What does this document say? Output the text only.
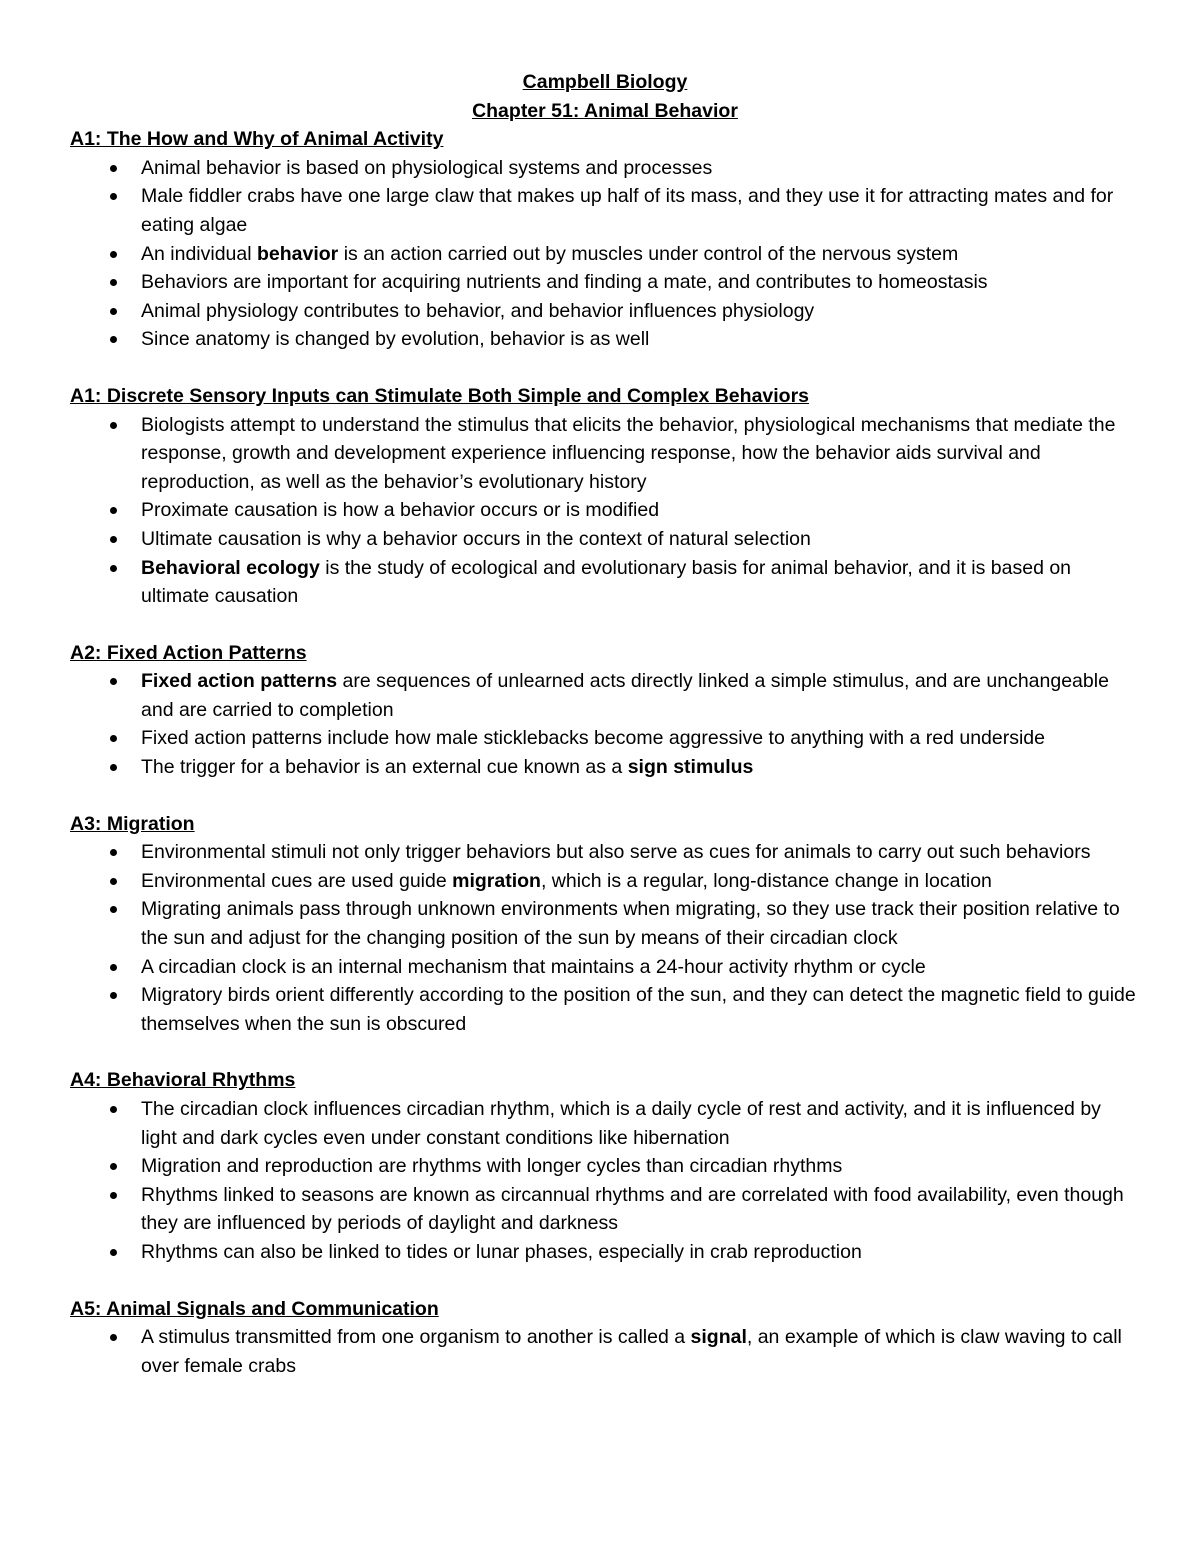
Campbell Biology

Chapter 51: Animal Behavior

A1: The How and Why of Animal Activity

Animal behavior is based on physiological systems and processes
Male fiddler crabs have one large claw that makes up half of its mass, and they use it for attracting mates and for eating algae
An individual behavior is an action carried out by muscles under control of the nervous system
Behaviors are important for acquiring nutrients and finding a mate, and contributes to homeostasis
Animal physiology contributes to behavior, and behavior influences physiology
Since anatomy is changed by evolution, behavior is as well

A1: Discrete Sensory Inputs can Stimulate Both Simple and Complex Behaviors

Biologists attempt to understand the stimulus that elicits the behavior, physiological mechanisms that mediate the response, growth and development experience influencing response, how the behavior aids survival and reproduction, as well as the behavior’s evolutionary history
Proximate causation is how a behavior occurs or is modified
Ultimate causation is why a behavior occurs in the context of natural selection
Behavioral ecology is the study of ecological and evolutionary basis for animal behavior, and it is based on ultimate causation

A2: Fixed Action Patterns

Fixed action patterns are sequences of unlearned acts directly linked a simple stimulus, and are unchangeable and are carried to completion
Fixed action patterns include how male sticklebacks become aggressive to anything with a red underside
The trigger for a behavior is an external cue known as a sign stimulus

A3: Migration

Environmental stimuli not only trigger behaviors but also serve as cues for animals to carry out such behaviors
Environmental cues are used guide migration, which is a regular, long-distance change in location
Migrating animals pass through unknown environments when migrating, so they use track their position relative to the sun and adjust for the changing position of the sun by means of their circadian clock
A circadian clock is an internal mechanism that maintains a 24-hour activity rhythm or cycle
Migratory birds orient differently according to the position of the sun, and they can detect the magnetic field to guide themselves when the sun is obscured

A4: Behavioral Rhythms

The circadian clock influences circadian rhythm, which is a daily cycle of rest and activity, and it is influenced by light and dark cycles even under constant conditions like hibernation
Migration and reproduction are rhythms with longer cycles than circadian rhythms
Rhythms linked to seasons are known as circannual rhythms and are correlated with food availability, even though they are influenced by periods of daylight and darkness
Rhythms can also be linked to tides or lunar phases, especially in crab reproduction

A5: Animal Signals and Communication

A stimulus transmitted from one organism to another is called a signal, an example of which is claw waving to call over female crabs
